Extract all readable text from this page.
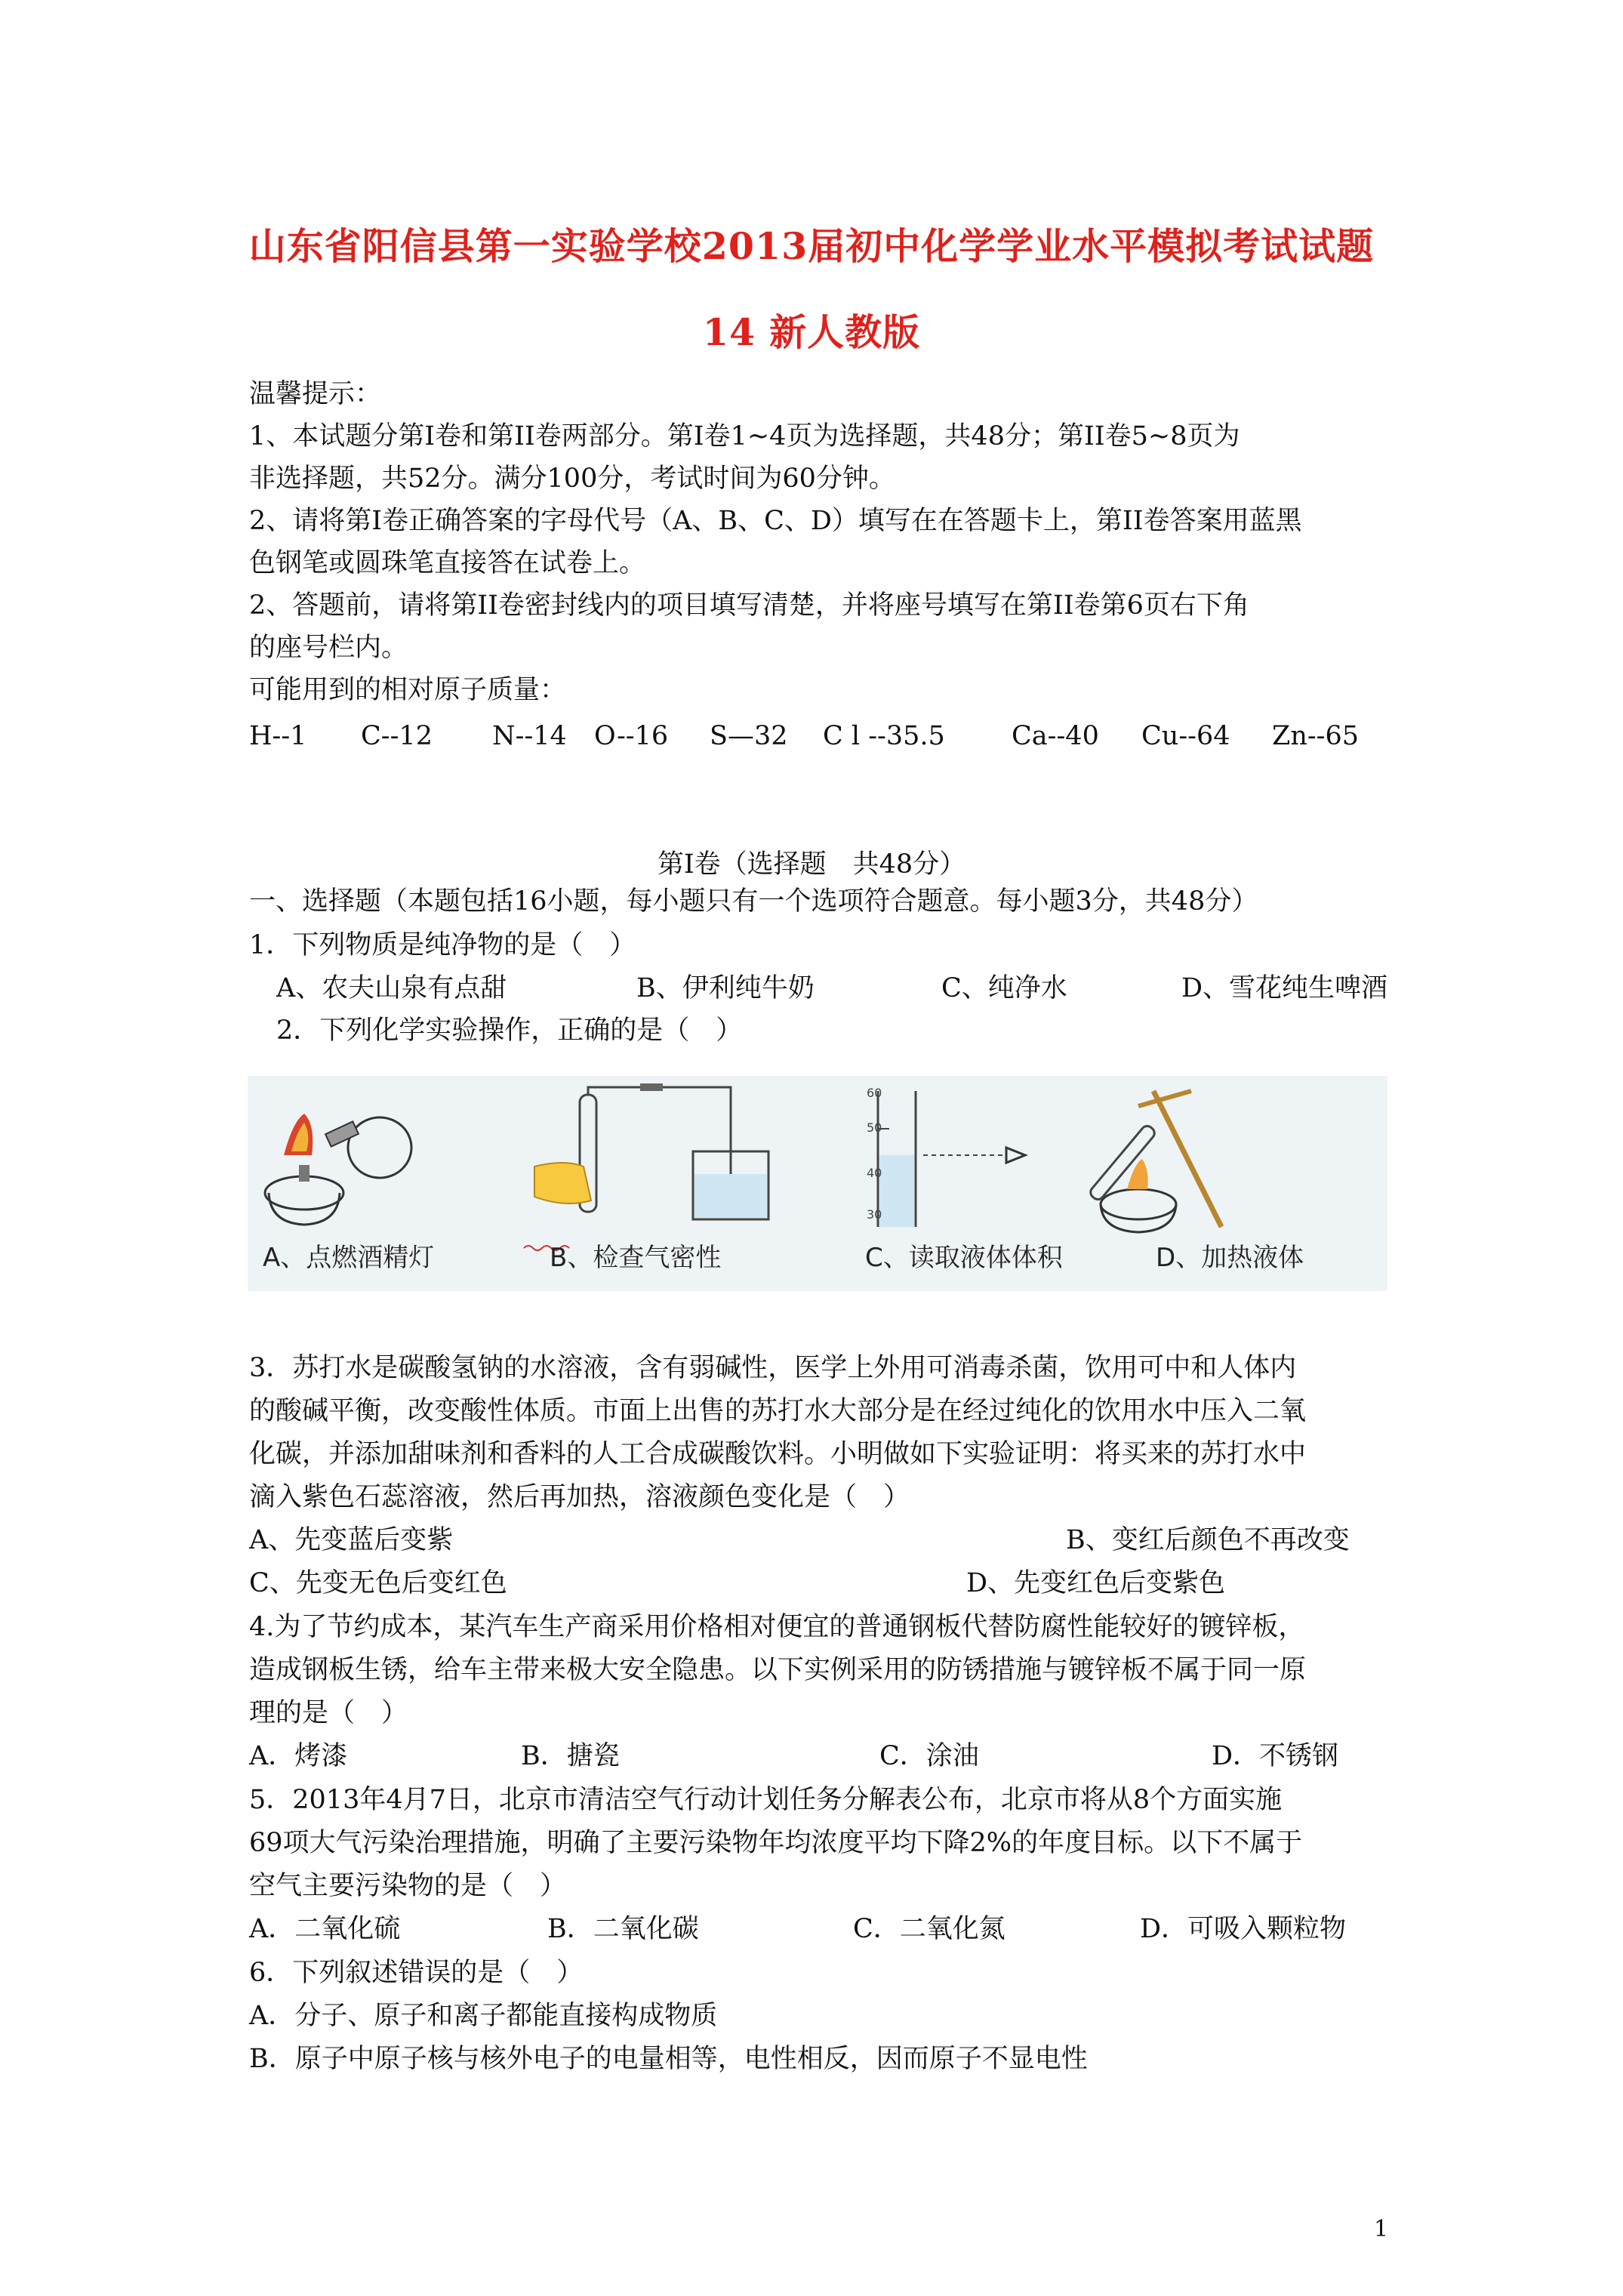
山东省阳信县第一实验学校2013届初中化学学业水平模拟考试试题
14 新人教版
温馨提示：
1、本试题分第Ⅰ卷和第II卷两部分。第Ⅰ卷1~4页为选择题，共48分；第II卷5~8页为
非选择题，共52分。满分100分，考试时间为60分钟。
2、请将第Ⅰ卷正确答案的字母代号（A、B、C、D）填写在在答题卡上，第II卷答案用蓝黑
色钢笔或圆珠笔直接答在试卷上。
2、答题前，请将第II卷密封线内的项目填写清楚，并将座号填写在第II卷第6页右下角
的座号栏内。
可能用到的相对原子质量：
H--1 C--12 N--14 O--16 S—32 C l --35.5	Ca--40 Cu--64 Zn--65
第Ⅰ卷（选择题　共48分）
一、选择题（本题包括16小题，每小题只有一个选项符合题意。每小题3分，共48分）
1．下列物质是纯净物的是（　）
A、农夫山泉有点甜	B、伊利纯牛奶	C、纯净水	D、雪花纯生啤酒
2．下列化学实验操作，正确的是（　）
A、点燃酒精灯	B、检查气密性
60
50
40
30
C、读取液体体积	D、加热液体
3．苏打水是碳酸氢钠的水溶液，含有弱碱性，医学上外用可消毒杀菌，饮用可中和人体内
的酸碱平衡，改变酸性体质。市面上出售的苏打水大部分是在经过纯化的饮用水中压入二氧
化碳，并添加甜味剂和香料的人工合成碳酸饮料。小明做如下实验证明：将买来的苏打水中
滴入紫色石蕊溶液，然后再加热，溶液颜色变化是（　）
A、先变蓝后变紫	B、变红后颜色不再改变
C、先变无色后变红色	D、先变红色后变紫色
4.为了节约成本，某汽车生产商采用价格相对便宜的普通钢板代替防腐性能较好的镀锌板，
造成钢板生锈，给车主带来极大安全隐患。以下实例采用的防锈措施与镀锌板不属于同一原
理的是（　）
A．烤漆	B．搪瓷	C．涂油	D．不锈钢
5．2013年4月7日，北京市清洁空气行动计划任务分解表公布，北京市将从8个方面实施
69项大气污染治理措施，明确了主要污染物年均浓度平均下降2%的年度目标。以下不属于
空气主要污染物的是（　）
A．二氧化硫	B．二氧化碳	C．二氧化氮	D．可吸入颗粒物
6．下列叙述错误的是（　）
A．分子、原子和离子都能直接构成物质
B．原子中原子核与核外电子的电量相等，电性相反，因而原子不显电性
1
